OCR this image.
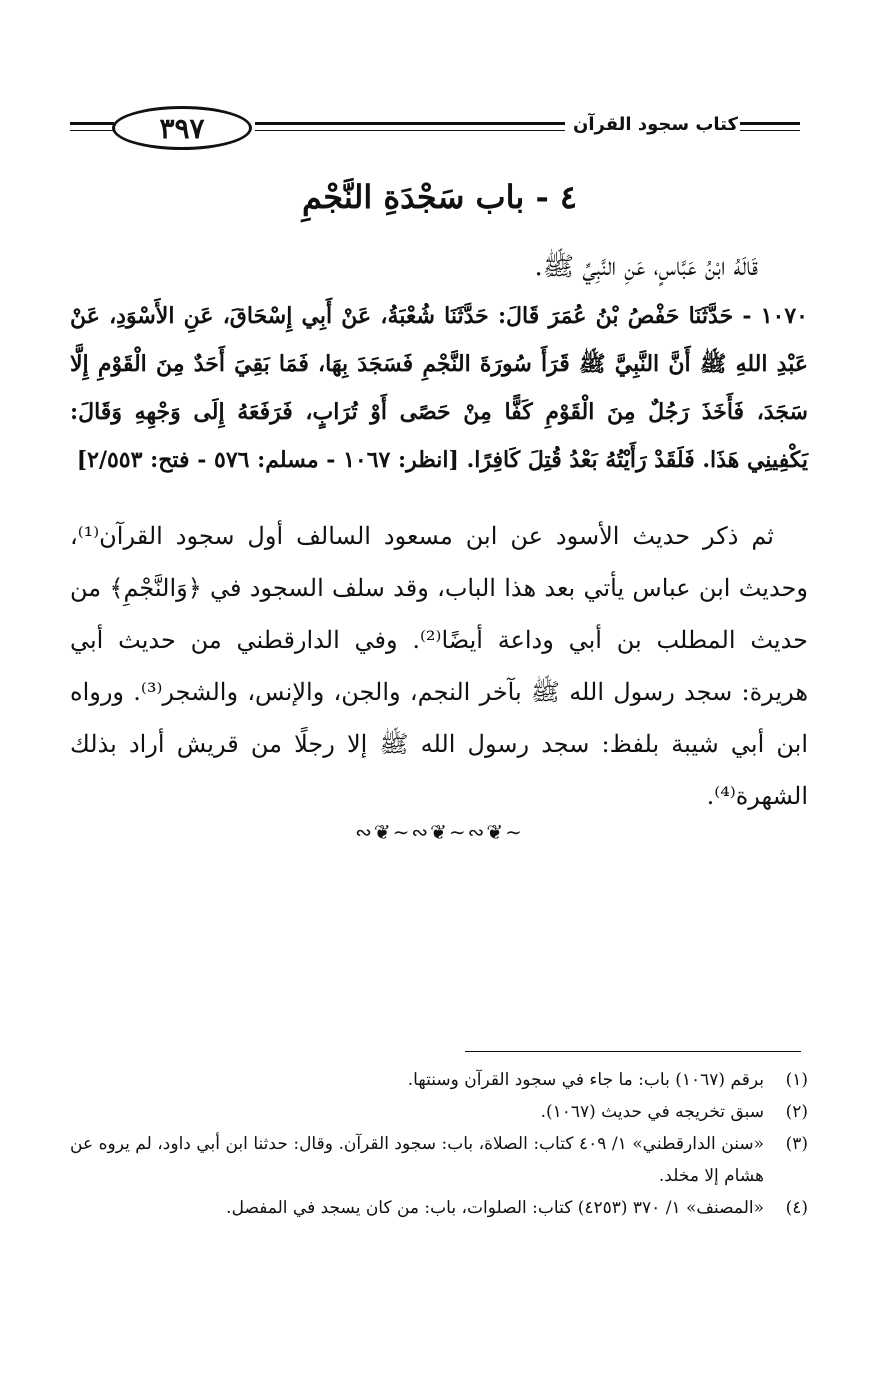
كتاب سجود القرآن
٣٩٧
٤ - باب سَجْدَةِ النَّجْمِ

قَالَهُ ابْنُ عَبَّاسٍ، عَنِ النَّبِيِّ ﷺ.

١٠٧٠ - حَدَّثَنَا حَفْصُ بْنُ عُمَرَ قَالَ: حَدَّثَنَا شُعْبَةُ، عَنْ أَبِي إِسْحَاقَ، عَنِ الأَسْوَدِ، عَنْ عَبْدِ اللهِ ﷺ أَنَّ النَّبِيَّ ﷺ قَرَأَ سُورَةَ النَّجْمِ فَسَجَدَ بِهَا، فَمَا بَقِيَ أَحَدٌ مِنَ الْقَوْمِ إِلَّا سَجَدَ، فَأَخَذَ رَجُلٌ مِنَ الْقَوْمِ كَفًّا مِنْ حَصًى أَوْ تُرَابٍ، فَرَفَعَهُ إِلَى وَجْهِهِ وَقَالَ: يَكْفِينِي هَذَا. فَلَقَدْ رَأَيْتُهُ بَعْدُ قُتِلَ كَافِرًا. [انظر: ١٠٦٧ - مسلم: ٥٧٦ - فتح: ٢/٥٥٣]

ثم ذكر حديث الأسود عن ابن مسعود السالف أول سجود القرآن⁽¹⁾، وحديث ابن عباس يأتي بعد هذا الباب، وقد سلف السجود في ﴿وَالنَّجْمِ﴾ من حديث المطلب بن أبي وداعة أيضًا⁽²⁾. وفي الدارقطني من حديث أبي هريرة: سجد رسول الله ﷺ بآخر النجم، والجن، والإنس، والشجر⁽³⁾. ورواه ابن أبي شيبة بلفظ: سجد رسول الله ﷺ إلا رجلًا من قريش أراد بذلك الشهرة⁽⁴⁾.

∽❦∾∽❦∾∽❦∾
(١)
برقم (١٠٦٧) باب: ما جاء في سجود القرآن وسنتها.
(٢)
سبق تخريجه في حديث (١٠٦٧).
(٣)
«سنن الدارقطني» ١/ ٤٠٩ كتاب: الصلاة، باب: سجود القرآن. وقال: حدثنا ابن أبي داود، لم يروه عن هشام إلا مخلد.
(٤)
«المصنف» ١/ ٣٧٠ (٤٢٥٣) كتاب: الصلوات، باب: من كان يسجد في المفصل.
